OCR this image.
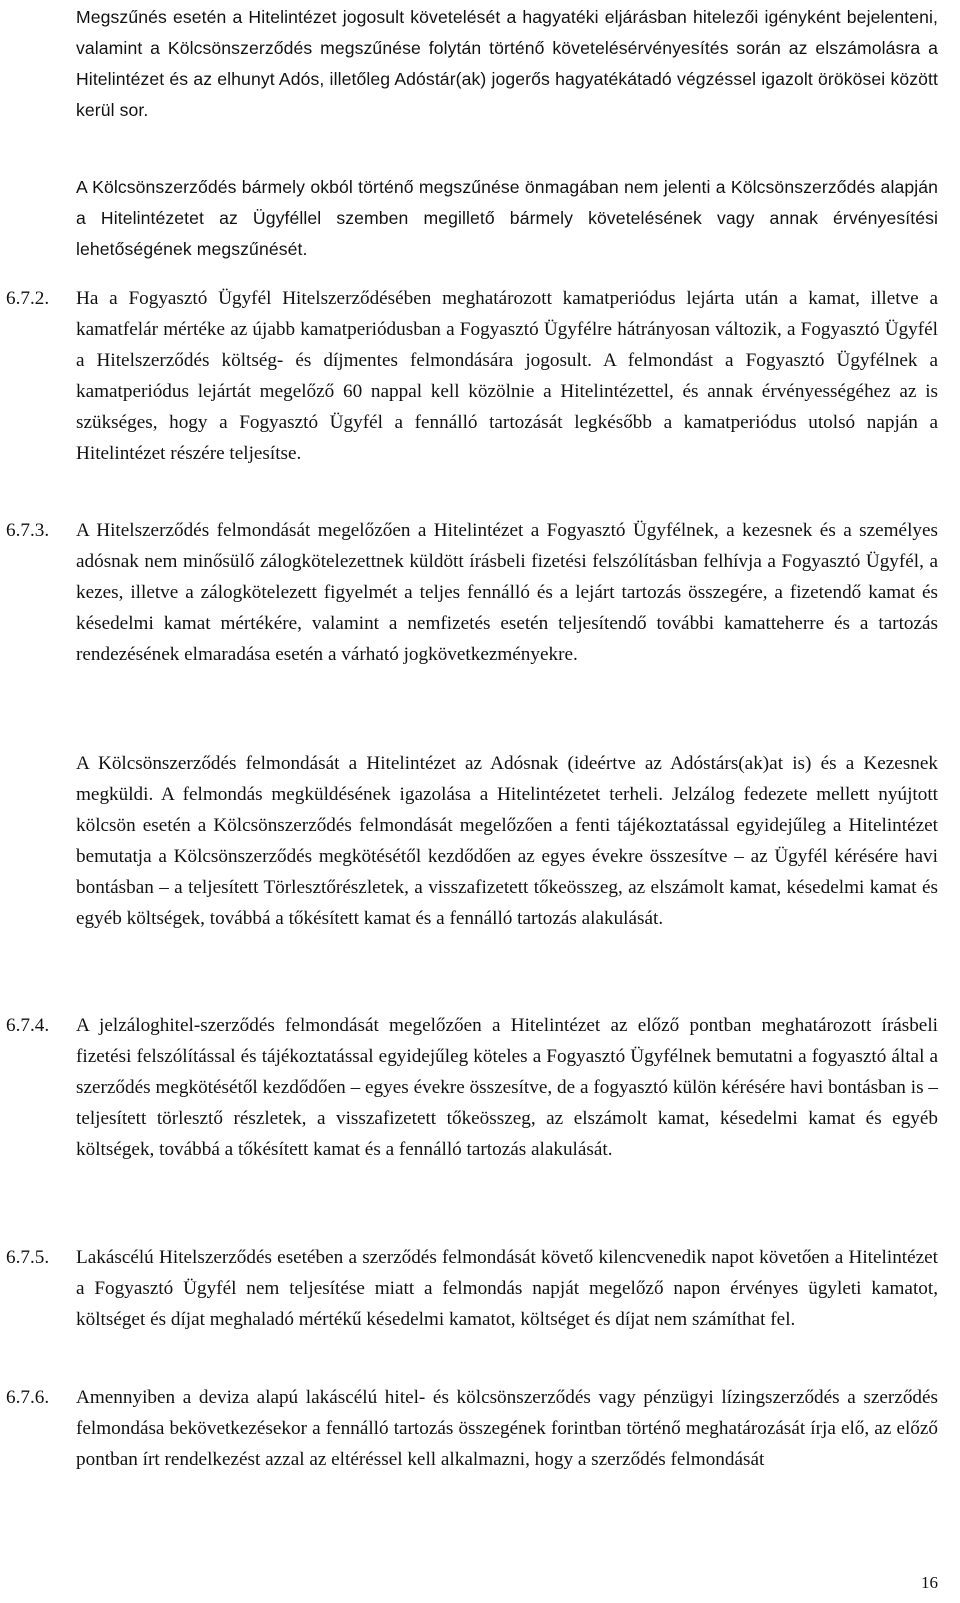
Megszűnés esetén a Hitelintézet jogosult követelését a hagyatéki eljárásban hitelezői igényként bejelenteni, valamint a Kölcsönszerződés megszűnése folytán történő követelésérvényesítés során az elszámolásra a Hitelintézet és az elhunyt Adós, illetőleg Adóstár(ak) jogerős hagyatékátadó végzéssel igazolt örökösei között kerül sor.

A Kölcsönszerződés bármely okból történő megszűnése önmagában nem jelenti a Kölcsönszerződés alapján a Hitelintézetet az Ügyféllel szemben megillető bármely követelésének vagy annak érvényesítési lehetőségének megszűnését.

6.7.2. Ha a Fogyasztó Ügyfél Hitelszerződésében meghatározott kamatperiódus lejárta után a kamat, illetve a kamatfelár mértéke az újabb kamatperiódusban a Fogyasztó Ügyfélre hátrányosan változik, a Fogyasztó Ügyfél a Hitelszerződés költség- és díjmentes felmondására jogosult. A felmondást a Fogyasztó Ügyfélnek a kamatperiódus lejártát megelőző 60 nappal kell közölnie a Hitelintézettel, és annak érvényességéhez az is szükséges, hogy a Fogyasztó Ügyfél a fennálló tartozását legkésőbb a kamatperiódus utolsó napján a Hitelintézet részére teljesítse.

6.7.3. A Hitelszerződés felmondását megelőzően a Hitelintézet a Fogyasztó Ügyfélnek, a kezesnek és a személyes adósnak nem minősülő zálogkötelezettnek küldött írásbeli fizetési felszólításban felhívja a Fogyasztó Ügyfél, a kezes, illetve a zálogkötelezett figyelmét a teljes fennálló és a lejárt tartozás összegére, a fizetendő kamat és késedelmi kamat mértékére, valamint a nemfizetés esetén teljesítendő további kamatteherre és a tartozás rendezésének elmaradása esetén a várható jogkövetkezményekre.

A Kölcsönszerződés felmondását a Hitelintézet az Adósnak (ideértve az Adóstárs(ak)at is) és a Kezesnek megküldi. A felmondás megküldésének igazolása a Hitelintézetet terheli. Jelzálog fedezete mellett nyújtott kölcsön esetén a Kölcsönszerződés felmondását megelőzően a fenti tájékoztatással egyidejűleg a Hitelintézet bemutatja a Kölcsönszerződés megkötésétől kezdődően az egyes évekre összesítve – az Ügyfél kérésére havi bontásban – a teljesített Törlesztőrészletek, a visszafizetett tőkeösszeg, az elszámolt kamat, késedelmi kamat és egyéb költségek, továbbá a tőkésített kamat és a fennálló tartozás alakulását.

6.7.4. A jelzáloghitel-szerződés felmondását megelőzően a Hitelintézet az előző pontban meghatározott írásbeli fizetési felszólítással és tájékoztatással egyidejűleg köteles a Fogyasztó Ügyfélnek bemutatni a fogyasztó által a szerződés megkötésétől kezdődően – egyes évekre összesítve, de a fogyasztó külön kérésére havi bontásban is – teljesített törlesztő részletek, a visszafizetett tőkeösszeg, az elszámolt kamat, késedelmi kamat és egyéb költségek, továbbá a tőkésített kamat és a fennálló tartozás alakulását.

6.7.5. Lakáscélú Hitelszerződés esetében a szerződés felmondását követő kilencvenedik napot követően a Hitelintézet a Fogyasztó Ügyfél nem teljesítése miatt a felmondás napját megelőző napon érvényes ügyleti kamatot, költséget és díjat meghaladó mértékű késedelmi kamatot, költséget és díjat nem számíthat fel.

6.7.6. Amennyiben a deviza alapú lakáscélú hitel- és kölcsönszerződés vagy pénzügyi lízingszerződés a szerződés felmondása bekövetkezésekor a fennálló tartozás összegének forintban történő meghatározását írja elő, az előző pontban írt rendelkezést azzal az eltéréssel kell alkalmazni, hogy a szerződés felmondását

16
